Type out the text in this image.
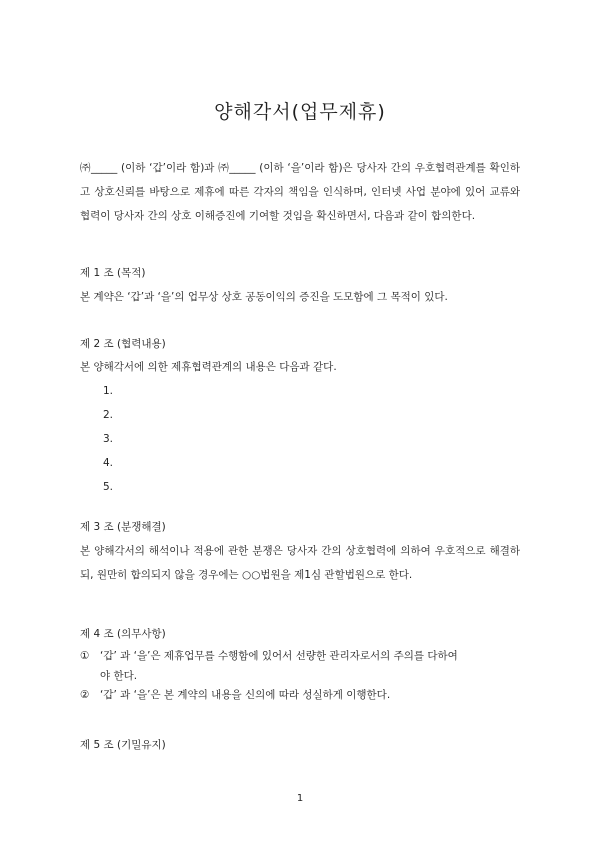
양해각서(업무제휴)

㈜_____ (이하 ‘갑’이라 함)과 ㈜_____ (이하 ‘을’이라 함)은 당사자 간의 우호협력관계를 확인하고 상호신뢰를 바탕으로 제휴에 따른 각자의 책임을 인식하며, 인터넷 사업 분야에 있어 교류와 협력이 당사자 간의 상호 이해증진에 기여할 것임을 확신하면서, 다음과 같이 합의한다.

제 1 조 (목적)

본 계약은 ‘갑’과 ‘을’의 업무상 상호 공동이익의 증진을 도모함에 그 목적이 있다.

제 2 조 (협력내용)

본 양해각서에 의한 제휴협력관계의 내용은 다음과 같다.

1.
2.
3.
4.
5.

제 3 조 (분쟁해결)

본 양해각서의 해석이나 적용에 관한 분쟁은 당사자 간의 상호협력에 의하여 우호적으로 해결하되, 원만히 합의되지 않을 경우에는 ○○법원을 제1심 관할법원으로 한다.

제 4 조 (의무사항)

① ‘갑’ 과 ‘을’은 제휴업무를 수행함에 있어서 선량한 관리자로서의 주의를 다하여
야 한다.
② ‘갑’ 과 ‘을’은 본 계약의 내용을 신의에 따라 성실하게 이행한다.

제 5 조 (기밀유지)

1
